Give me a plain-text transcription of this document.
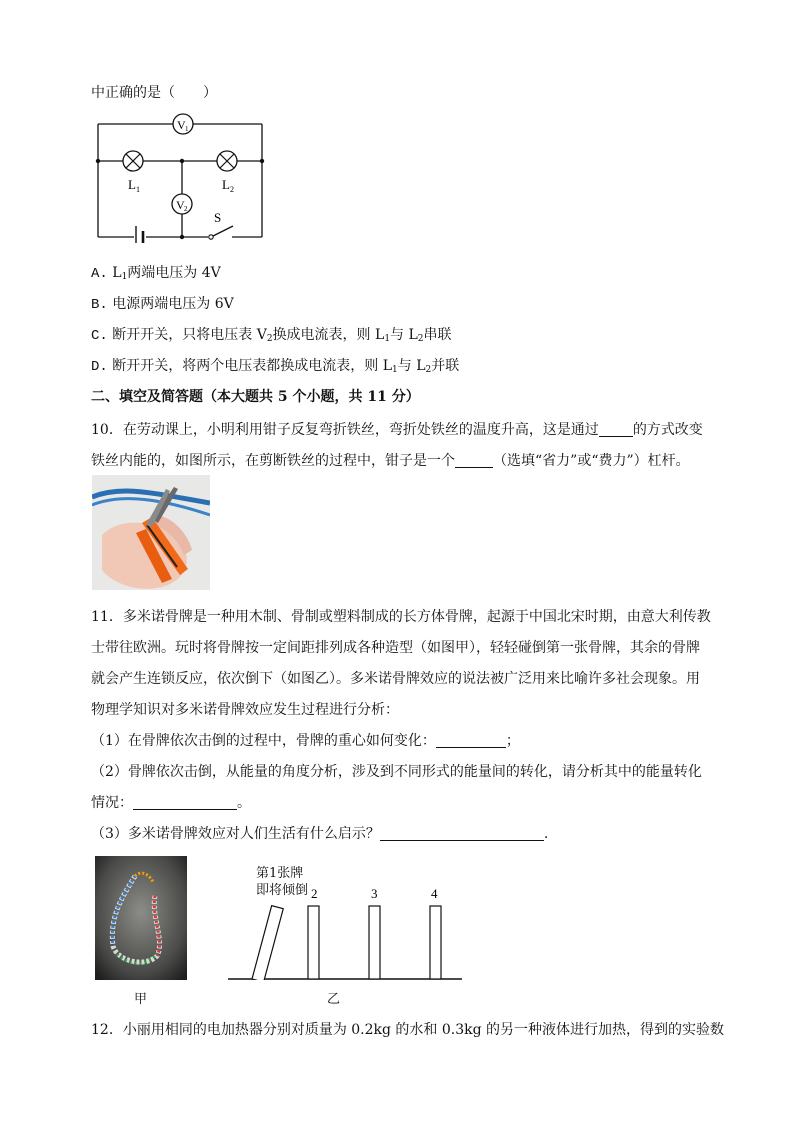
中正确的是（　　）
V 1
L 1	L 2
V 2
S
A. $L_1$两端电压为 4V
B. 电源两端电压为 6V
C. 断开开关，只将电压表 $V_2$换成电流表，则 $L_1$与 $L_2$串联
D. 断开开关，将两个电压表都换成电流表，则 $L_1$与 $L_2$并联
二、填空及简答题（本大题共 5 个小题，共 11 分）
10．在劳动课上，小明利用钳子反复弯折铁丝，弯折处铁丝的温度升高，这是通过 的方式改变
铁丝内能的，如图所示，在剪断铁丝的过程中，钳子是一个	（选填“省力”或“费力”）杠杆。
11．多米诺骨牌是一种用木制、骨制或塑料制成的长方体骨牌，起源于中国北宋时期，由意大利传教
士带往欧洲。玩时将骨牌按一定间距排列成各种造型（如图甲），轻轻碰倒第一张骨牌，其余的骨牌
就会产生连锁反应，依次倒下（如图乙）。多米诺骨牌效应的说法被广泛用来比喻许多社会现象。用
物理学知识对多米诺骨牌效应发生过程进行分析：
（1）在骨牌依次击倒的过程中，骨牌的重心如何变化：	；
（2）骨牌依次击倒，从能量的角度分析，涉及到不同形式的能量间的转化，请分析其中的能量转化
情况：	。
（3）多米诺骨牌效应对人们生活有什么启示？	.
甲
2	3	4
第1张牌
即将倾倒
乙
12．小丽用相同的电加热器分别对质量为 0.2kg 的水和 0.3kg 的另一种液体进行加热，得到的实验数
